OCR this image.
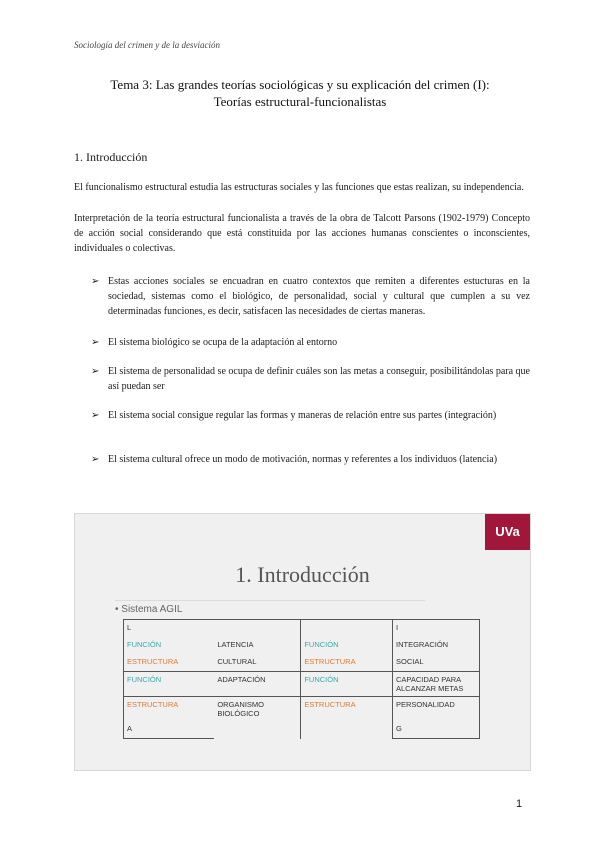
Sociología del crimen y de la desviación
Tema 3: Las grandes teorías sociológicas y su explicación del crimen (I):
Teorías estructural-funcionalistas
1. Introducción
El funcionalismo estructural estudia las estructuras sociales y las funciones que estas realizan, su independencia.
Interpretación de la teoría estructural funcionalista a través de la obra de Talcott Parsons (1902-1979) Concepto de acción social considerando que está constituida por las acciones humanas conscientes o inconscientes, individuales o colectivas.
➢ Estas acciones sociales se encuadran en cuatro contextos que remiten a diferentes estucturas en la sociedad, sistemas como el biológico, de personalidad, social y cultural que cumplen a su vez determinadas funciones, es decir, satisfacen las necesidades de ciertas maneras.
➢ El sistema biológico se ocupa de la adaptación al entorno
➢ El sistema de personalidad se ocupa de definir cuáles son las metas a conseguir, posibilitándolas para que así puedan ser
➢ El sistema social consigue regular las formas y maneras de relación entre sus partes (integración)
➢ El sistema cultural ofrece un modo de motivación, normas y referentes a los individuos (latencia)
UVa
1. Introducción
• Sistema AGIL
L			I
FUNCIÓN	LATENCIA	FUNCIÓN	INTEGRACIÓN
ESTRUCTURA	CULTURAL	ESTRUCTURA	SOCIAL
FUNCIÓN	ADAPTACIÓN	FUNCIÓN	CAPACIDAD PARA ALCANZAR METAS
ESTRUCTURA	ORGANISMO BIOLÓGICO	ESTRUCTURA	PERSONALIDAD
A			G
1
